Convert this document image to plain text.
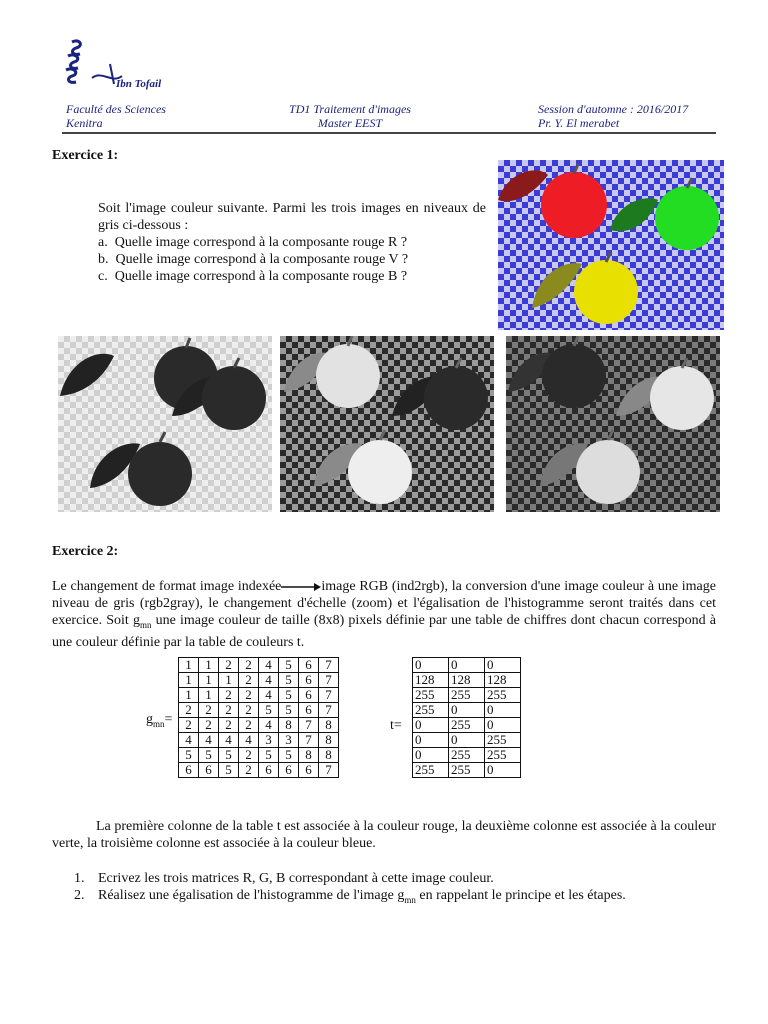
Ibn Tofail
Faculté des Sciences
Kenitra
TD1 Traitement d'images
Master EEST
Session d'automne : 2016/2017
Pr. Y. El merabet
Exercice 1:
Soit l'image couleur suivante. Parmi les trois images en niveaux de gris ci-dessous :
a. Quelle image correspond à la composante rouge R ?
b. Quelle image correspond à la composante rouge V ?
c. Quelle image correspond à la composante rouge B ?
Exercice 2:
Le changement de format image indexée	image RGB (ind2rgb), la conversion d'une image couleur à une image niveau de gris (rgb2gray), le changement d'échelle (zoom) et l'égalisation de l'histogramme seront traités dans cet exercice. Soit $g_{mn}$ une image couleur de taille (8x8) pixels définie par une table de chiffres dont chacun correspond à une couleur définie par la table de couleurs t.
$g_{mn}=$
1	1	2	2	4	5	6	7
1	1	1	2	4	5	6	7
1	1	2	2	4	5	6	7
2	2	2	2	5	5	6	7
2	2	2	2	4	8	7	8
4	4	4	4	3	3	7	8
5	5	5	2	5	5	8	8
6	6	5	2	6	6	6	7
t=
0	0	0
128	128	128
255	255	255
255	0	0
0	255	0
0	0	255
0	255	255
255	255	0
La première colonne de la table t est associée à la couleur rouge, la deuxième colonne est associée à la couleur verte, la troisième colonne est associée à la couleur bleue.
1. Ecrivez les trois matrices R, G, B correspondant à cette image couleur.
2. Réalisez une égalisation de l'histogramme de l'image $g_{mn}$ en rappelant le principe et les étapes.
